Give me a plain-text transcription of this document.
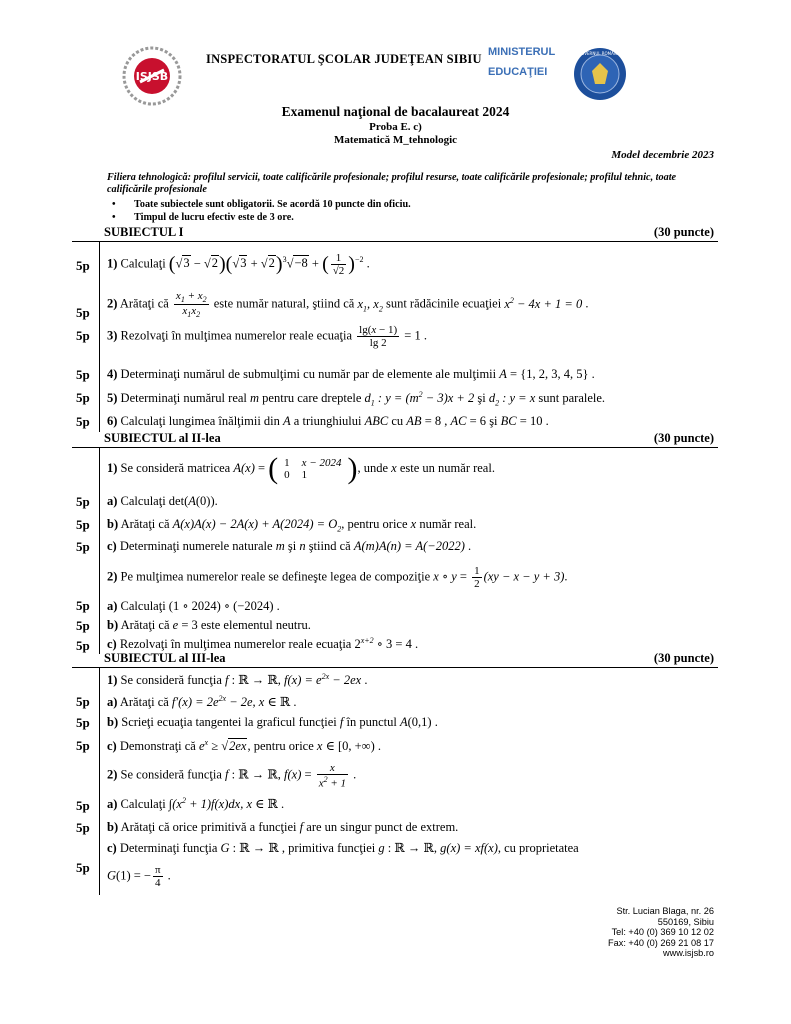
ISJSB
INSPECTORATUL ŞCOLAR JUDEŢEAN SIBIU MINISTERUL
EDUCAŢIEI
GUVERNUL ROMÂNIEI
Examenul naţional de bacalaureat 2024
Proba E. c)
Matematică M_tehnologic
Model decembrie 2023
Filiera tehnologică: profilul servicii, toate calificările profesionale; profilul resurse, toate calificările profesionale; profilul tehnic, toate calificările profesionale
• Toate subiectele sunt obligatorii. Se acordă 10 puncte din oficiu.
• Timpul de lucru efectiv este de 3 ore.
SUBIECTUL I	(30 puncte)
5p 1) Calculaţi $(√3 - √2)(√3 + √2)^3√-8$ + ( $\frac{1}{√2} )^{-2}$ .
5p
2) Arătaţi că $\frac{x_1 + x_2}{x_1x_2}$ este număr natural, ştiind că $x_1$, $x_2$ sunt rădăcinile ecuaţiei $x^2 - 4x + 1 = 0$ .
5p 3) Rezolvaţi în mulţimea numerelor reale ecuaţia $\frac{\lg(x - 1)}{\lg 2} = 1$ .
5p 4) Determinaţi numărul de submulţimi cu număr par de elemente ale mulţimii A = {1, 2, 3, 4, 5} .
5p 5) Determinaţi numărul real m pentru care dreptele $d_1$ : $y = (m^2 - 3)x + 2$ şi $d_2$ : y = x sunt paralele.
5p 6) Calculaţi lungimea înălţimii din A a triunghiului ABC cu AB = 8 , AC = 6 şi BC = 10 .
SUBIECTUL al II-lea	(30 puncte)
1) Se consideră matricea A(x) = ( 1	x − 2024
0	1 ), unde x este un număr real.
5p a) Calculaţi det(A(0)).
5p b) Arătaţi că $A(x)A(x) - 2A(x) + A(2024) = O_2$, pentru orice x număr real.
5p c) Determinaţi numerele naturale m şi n ştiind că A(m)A(n) = A(−2022) .
2) Pe mulţimea numerelor reale se defineşte legea de compoziţie x ∘ $y = \frac{1}{2} (xy - x - y + 3)$.
5p a) Calculaţi (1 ∘ 2024) ∘ (−2024) .
5p b) Arătaţi că e = 3 este elementul neutru.
5p c) Rezolvaţi în mulţimea numerelor reale ecuaţia $2^{x+2}$ ∘ 3 = 4 .
SUBIECTUL al III-lea	(30 puncte)
1) Se consideră funcţia f : ℝ → ℝ, $f(x) = e^{2x} - 2ex$ .
5p a) Arătaţi că $f'(x) = 2e^{2x} - 2e$, x ∈ ℝ .
5p b) Scrieţi ecuaţia tangentei la graficul funcţiei f în punctul A(0,1) .
5p c) Demonstraţi că $e^x \ge √2ex$, pentru orice x ∈ [0, +∞) .
2) Se consideră funcţia f : ℝ → ℝ, $f(x) = \frac{x}{x^2 + 1}$ .
5p a) Calculaţi $\int(x^2 + 1)f(x)dx$, x ∈ ℝ .
5p b) Arătaţi că orice primitivă a funcţiei f are un singur punct de extrem.
5p
c) Determinaţi funcţia G : ℝ → ℝ , primitiva funcţiei g : ℝ → ℝ, g(x) = xf(x), cu proprietatea
G(1) = − $\frac{\pi}{4}$ .
Str. Lucian Blaga, nr. 26
550169, Sibiu
Tel: +40 (0) 369 10 12 02
Fax: +40 (0) 269 21 08 17
www.isjsb.ro
